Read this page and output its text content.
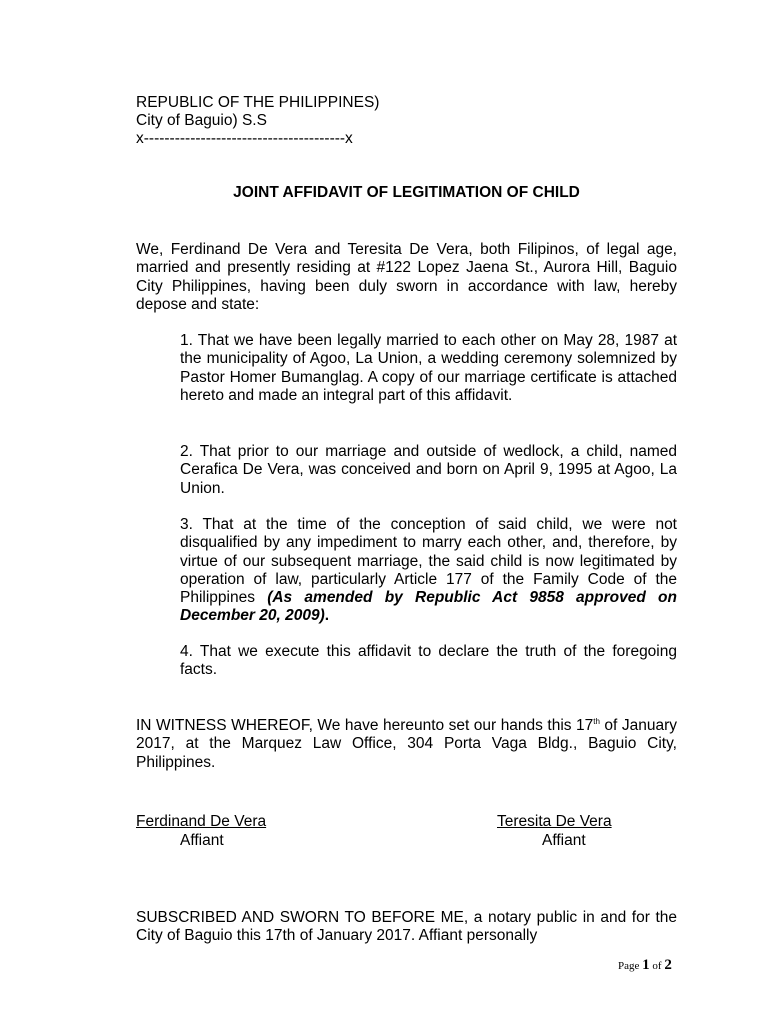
REPUBLIC OF THE PHILIPPINES)
City of Baguio) S.S
x---------------------------------------x
JOINT AFFIDAVIT OF LEGITIMATION OF CHILD

We, Ferdinand De Vera and Teresita De Vera, both Filipinos, of legal age, married and presently residing at #122 Lopez Jaena St., Aurora Hill, Baguio City Philippines, having been duly sworn in accordance with law, hereby depose and state:

1. That we have been legally married to each other on May 28, 1987 at the municipality of Agoo, La Union, a wedding ceremony solemnized by Pastor Homer Bumanglag. A copy of our marriage certificate is attached hereto and made an integral part of this affidavit.

2. That prior to our marriage and outside of wedlock, a child, named Cerafica De Vera, was conceived and born on April 9, 1995 at Agoo, La Union.

3. That at the time of the conception of said child, we were not disqualified by any impediment to marry each other, and, therefore, by virtue of our subsequent marriage, the said child is now legitimated by operation of law, particularly Article 177 of the Family Code of the Philippines (As amended by Republic Act 9858 approved on December 20, 2009).

4. That we execute this affidavit to declare the truth of the foregoing facts.

IN WITNESS WHEREOF, We have hereunto set our hands this 17th of January 2017, at the Marquez Law Office, 304 Porta Vaga Bldg., Baguio City, Philippines.

Ferdinand De Vera
Affiant
Teresita De Vera
Affiant

SUBSCRIBED AND SWORN TO BEFORE ME, a notary public in and for the City of Baguio this 17th of January 2017. Affiant personally

Page 1 of 2
